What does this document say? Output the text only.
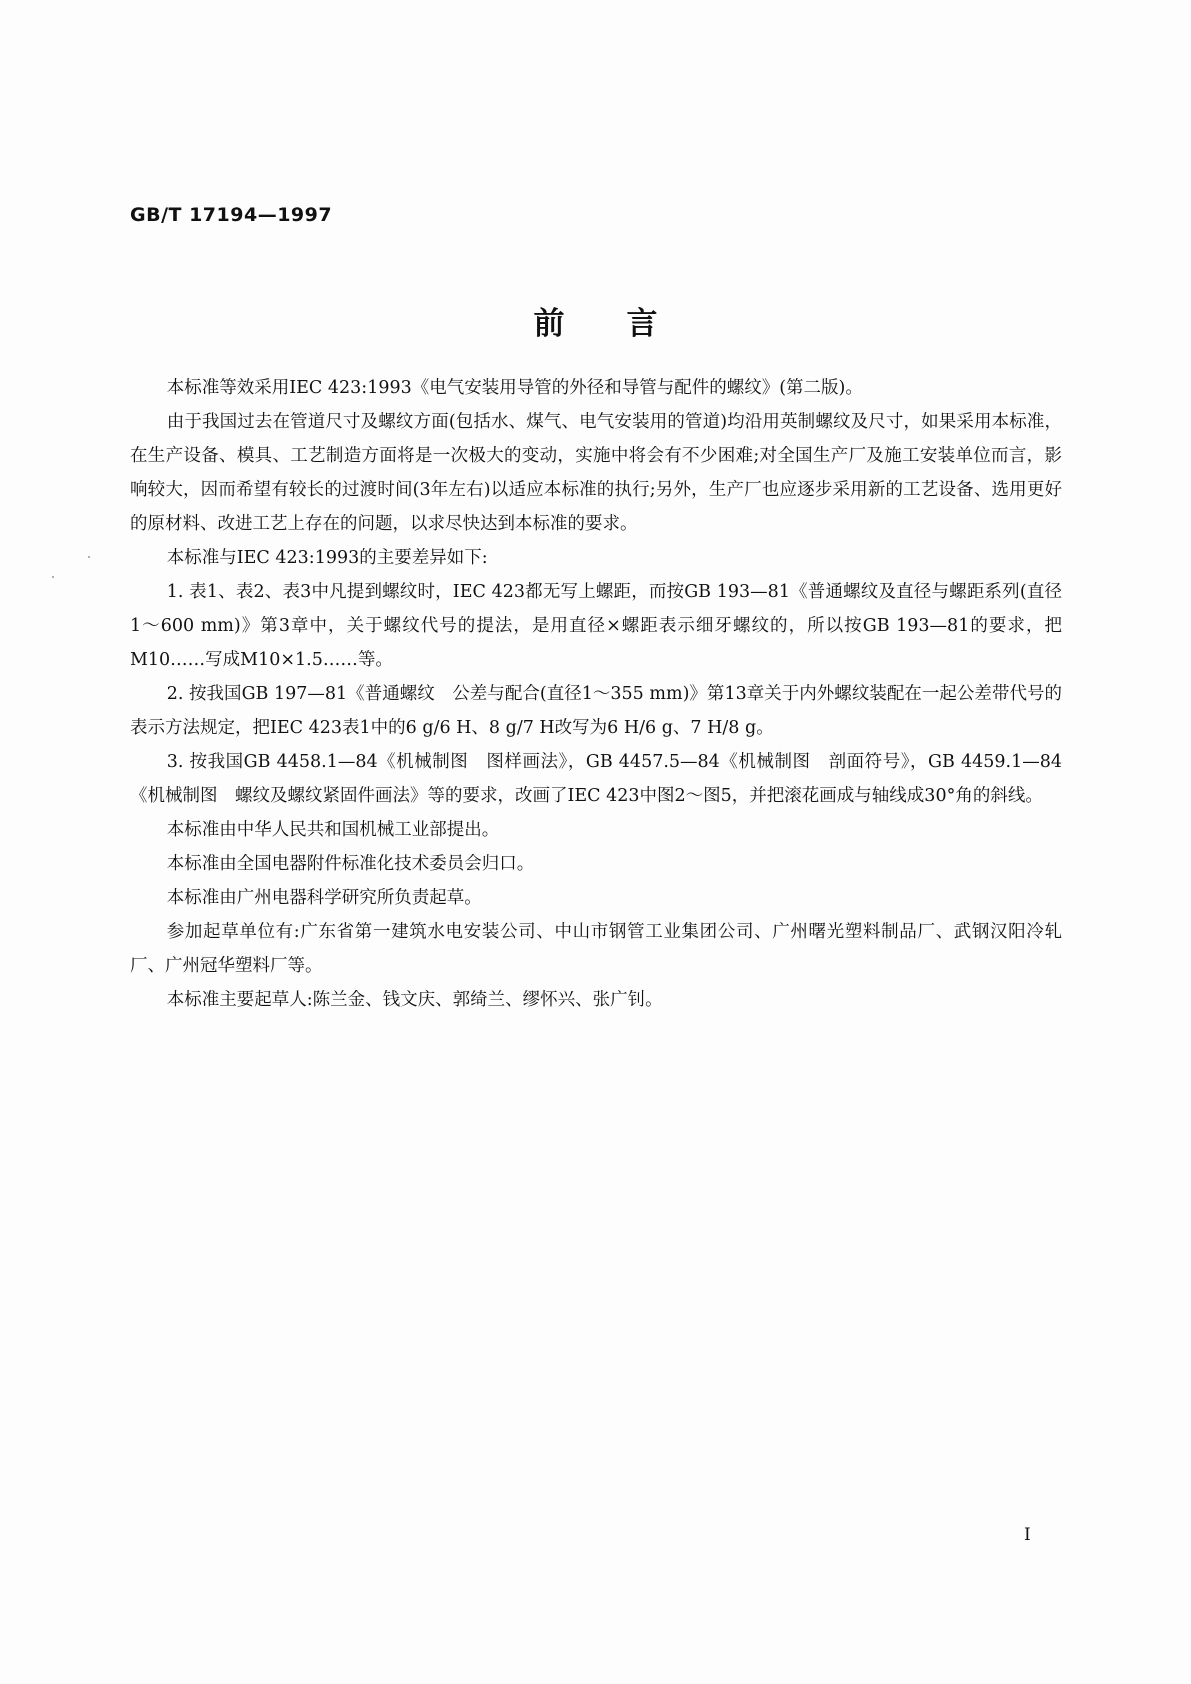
GB/T 17194—1997
前言

本标准等效采用IEC 423:1993《电气安装用导管的外径和导管与配件的螺纹》(第二版)。

由于我国过去在管道尺寸及螺纹方面(包括水、煤气、电气安装用的管道)均沿用英制螺纹及尺寸，如果采用本标准，在生产设备、模具、工艺制造方面将是一次极大的变动，实施中将会有不少困难;对全国生产厂及施工安装单位而言，影响较大，因而希望有较长的过渡时间(3年左右)以适应本标准的执行;另外，生产厂也应逐步采用新的工艺设备、选用更好的原材料、改进工艺上存在的问题，以求尽快达到本标准的要求。

本标准与IEC 423:1993的主要差异如下:

1. 表1、表2、表3中凡提到螺纹时，IEC 423都无写上螺距，而按GB 193—81《普通螺纹及直径与螺距系列(直径1～600 mm)》第3章中，关于螺纹代号的提法，是用直径×螺距表示细牙螺纹的，所以按GB 193—81的要求，把M10……写成M10×1.5……等。

2. 按我国GB 197—81《普通螺纹　公差与配合(直径1～355 mm)》第13章关于内外螺纹装配在一起公差带代号的表示方法规定，把IEC 423表1中的6 g/6 H、8 g/7 H改写为6 H/6 g、7 H/8 g。

3. 按我国GB 4458.1—84《机械制图　图样画法》，GB 4457.5—84《机械制图　剖面符号》，GB 4459.1—84《机械制图　螺纹及螺纹紧固件画法》等的要求，改画了IEC 423中图2～图5，并把滚花画成与轴线成30°角的斜线。

本标准由中华人民共和国机械工业部提出。

本标准由全国电器附件标准化技术委员会归口。

本标准由广州电器科学研究所负责起草。

参加起草单位有:广东省第一建筑水电安装公司、中山市钢管工业集团公司、广州曙光塑料制品厂、武钢汉阳冷轧厂、广州冠华塑料厂等。

本标准主要起草人:陈兰金、钱文庆、郭绮兰、缪怀兴、张广钊。

I
